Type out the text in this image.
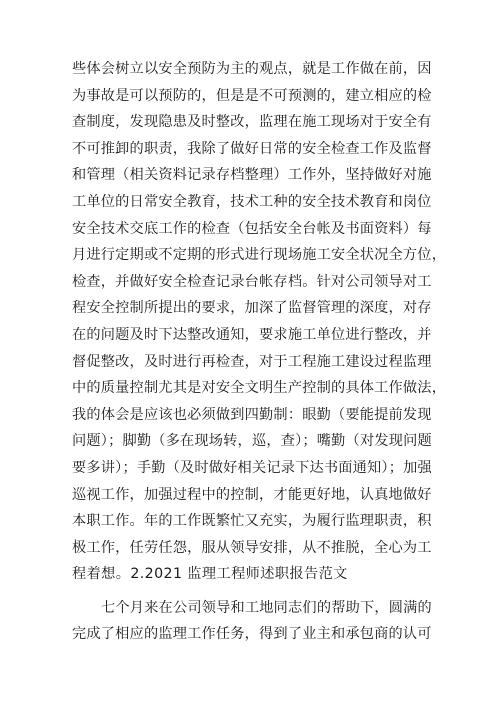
些体会树立以安全预防为主的观点，就是工作做在前，因
为事故是可以预防的，但是是不可预测的，建立相应的检
查制度，发现隐患及时整改，监理在施工现场对于安全有
不可推卸的职责，我除了做好日常的安全检查工作及监督
和管理（相关资料记录存档整理）工作外，坚持做好对施
工单位的日常安全教育，技术工种的安全技术教育和岗位
安全技术交底工作的检查（包括安全台帐及书面资料）每
月进行定期或不定期的形式进行现场施工安全状况全方位，
检查，并做好安全检查记录台帐存档。针对公司领导对工
程安全控制所提出的要求，加深了监督管理的深度，对存
在的问题及时下达整改通知，要求施工单位进行整改，并
督促整改，及时进行再检查，对于工程施工建设过程监理
中的质量控制尤其是对安全文明生产控制的具体工作做法，
我的体会是应该也必须做到四勤制：眼勤（要能提前发现
问题）；脚勤（多在现场转，巡，查）；嘴勤（对发现问题
要多讲）；手勤（及时做好相关记录下达书面通知）；加强
巡视工作，加强过程中的控制，才能更好地，认真地做好
本职工作。年的工作既繁忙又充实，为履行监理职责，积
极工作，任劳任怨，服从领导安排，从不推脱，全心为工
程着想。2.2021 监理工程师述职报告范文
七个月来在公司领导和工地同志们的帮助下，圆满的
完成了相应的监理工作任务，得到了业主和承包商的认可
